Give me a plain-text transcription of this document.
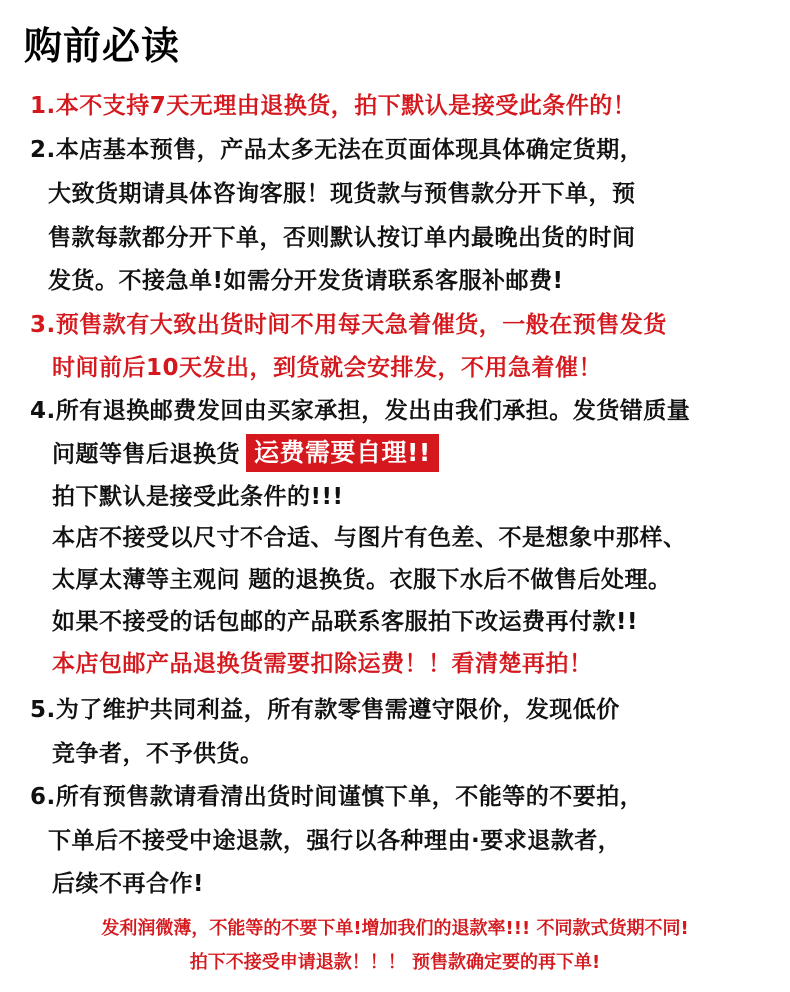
购前必读
1.本不支持7天无理由退换货，拍下默认是接受此条件的！
2.本店基本预售，产品太多无法在页面体现具体确定货期，
大致货期请具体咨询客服！现货款与预售款分开下单，预
售款每款都分开下单，否则默认按订单内最晚出货的时间
发货。不接急单!如需分开发货请联系客服补邮费!
3.预售款有大致出货时间不用每天急着催货，一般在预售发货
时间前后10天发出，到货就会安排发，不用急着催！
4.所有退换邮费发回由买家承担，发出由我们承担。发货错质量
问题等售后退换货 运费需要自理!!
拍下默认是接受此条件的!!!
本店不接受以尺寸不合适、与图片有色差、不是想象中那样、
太厚太薄等主观问 题的退换货。衣服下水后不做售后处理。
如果不接受的话包邮的产品联系客服拍下改运费再付款!!
本店包邮产品退换货需要扣除运费！！看清楚再拍！
5.为了维护共同利益，所有款零售需遵守限价，发现低价
竞争者，不予供货。
6.所有预售款请看清出货时间谨慎下单，不能等的不要拍，
下单后不接受中途退款，强行以各种理由·要求退款者，
后续不再合作!
发利润微薄，不能等的不要下单!增加我们的退款率!!! 不同款式货期不同!
拍下不接受申请退款！！！ 预售款确定要的再下单!
